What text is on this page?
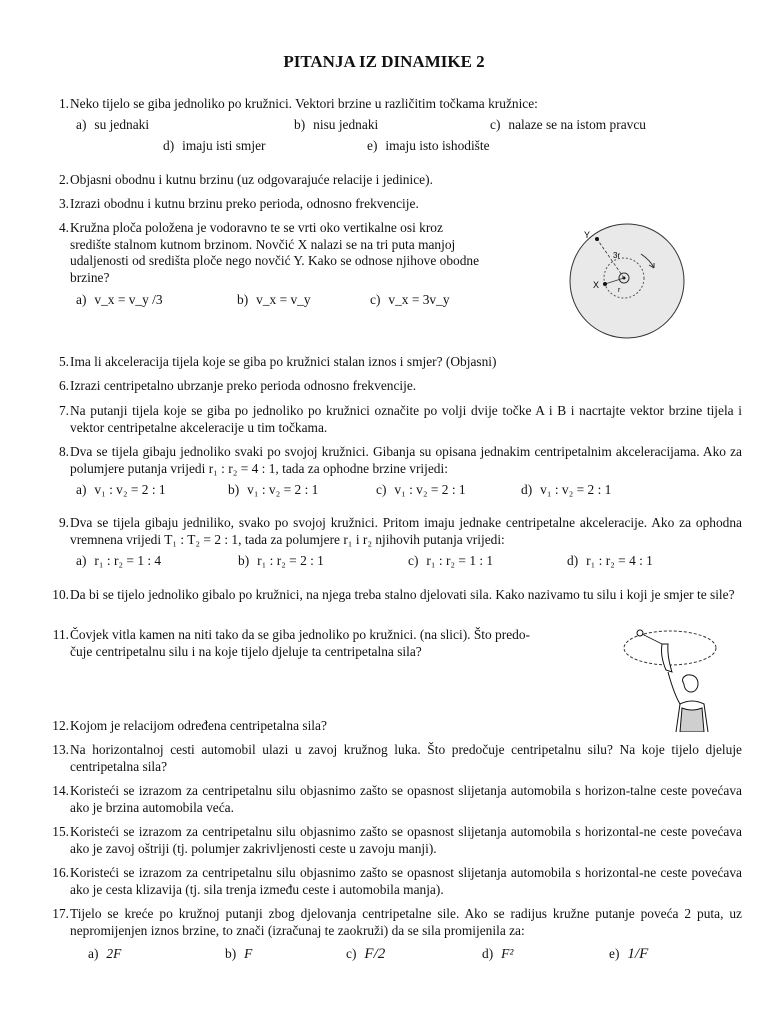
PITANJA IZ DINAMIKE 2
1. Neko tijelo se giba jednoliko po kružnici. Vektori brzine u različitim točkama kružnice:
a) su jednaki	b) nisu jednaki	c) nalaze se na istom pravcu
d) imaju isti smjer	e) imaju isto ishodište
2. Objasni obodnu i kutnu brzinu (uz odgovarajuće relacije i jedinice).
3. Izrazi obodnu i kutnu brzinu preko perioda, odnosno frekvencije.
4. Kružna ploča položena je vodoravno te se vrti oko vertikalne osi kroz
središte stalnom kutnom brzinom. Novčić X nalazi se na tri puta manjoj
udaljenosti od središta ploče nego novčić Y. Kako se odnose njihove obodne
brzine?
a) v_x = v_y /3	b) v_x = v_y	c) v_x = 3v_y
Y
X
3r
r
5. Ima li akceleracija tijela koje se giba po kružnici stalan iznos i smjer? (Objasni)
6. Izrazi centripetalno ubrzanje preko perioda odnosno frekvencije.
7. Na putanji tijela koje se giba po jednoliko po kružnici označite po volji dvije točke A i B i nacrtajte vektor brzine tijela i vektor centripetalne akceleracije u tim točkama.
8. Dva se tijela gibaju jednoliko svaki po svojoj kružnici. Gibanja su opisana jednakim centripetalnim akceleracijama. Ako za polumjere putanja vrijedi r₁ : r₂ = 4 : 1, tada za ophodne brzine vrijedi:
a) v₁ : v₂ = 2 : 1	b) v₁ : v₂ = 2 : 1	c) v₁ : v₂ = 2 : 1	d) v₁ : v₂ = 2 : 1
9. Dva se tijela gibaju jedniliko, svako po svojoj kružnici. Pritom imaju jednake centripetalne akceleracije. Ako za ophodna vremnena vrijedi T₁ : T₂ = 2 : 1, tada za polumjere r₁ i r₂ njihovih putanja vrijedi:
a) r₁ : r₂ = 1 : 4	b) r₁ : r₂ = 2 : 1	c) r₁ : r₂ = 1 : 1	d) r₁ : r₂ = 4 : 1
10. Da bi se tijelo jednoliko gibalo po kružnici, na njega treba stalno djelovati sila. Kako nazivamo tu silu i koji je smjer te sile?
11. Čovjek vitla kamen na niti tako da se giba jednoliko po kružnici. (na slici). Što predo-
čuje centripetalnu silu i na koje tijelo djeluje ta centripetalna sila?
12. Kojom je relacijom određena centripetalna sila?
13. Na horizontalnoj cesti automobil ulazi u zavoj kružnog luka. Što predočuje centripetalnu silu? Na koje tijelo djeluje centripetalna sila?
14. Koristeći se izrazom za centripetalnu silu objasnimo zašto se opasnost slijetanja automobila s horizon-talne ceste povećava ako je brzina automobila veća.
15. Koristeći se izrazom za centripetalnu silu objasnimo zašto se opasnost slijetanja automobila s horizontal-ne ceste povećava ako je zavoj oštriji (tj. polumjer zakrivljenosti ceste u zavoju manji).
16. Koristeći se izrazom za centripetalnu silu objasnimo zašto se opasnost slijetanja automobila s horizontal-ne ceste povećava ako je cesta klizavija (tj. sila trenja između ceste i automobila manja).
17. Tijelo se kreće po kružnoj putanji zbog djelovanja centripetalne sile. Ako se radijus kružne putanje poveća 2 puta, uz nepromijenjen iznos brzine, to znači (izračunaj te zaokruži) da se sila promijenila za:
a) 2F	b) F	c) F/2	d) F²	e) 1/F
